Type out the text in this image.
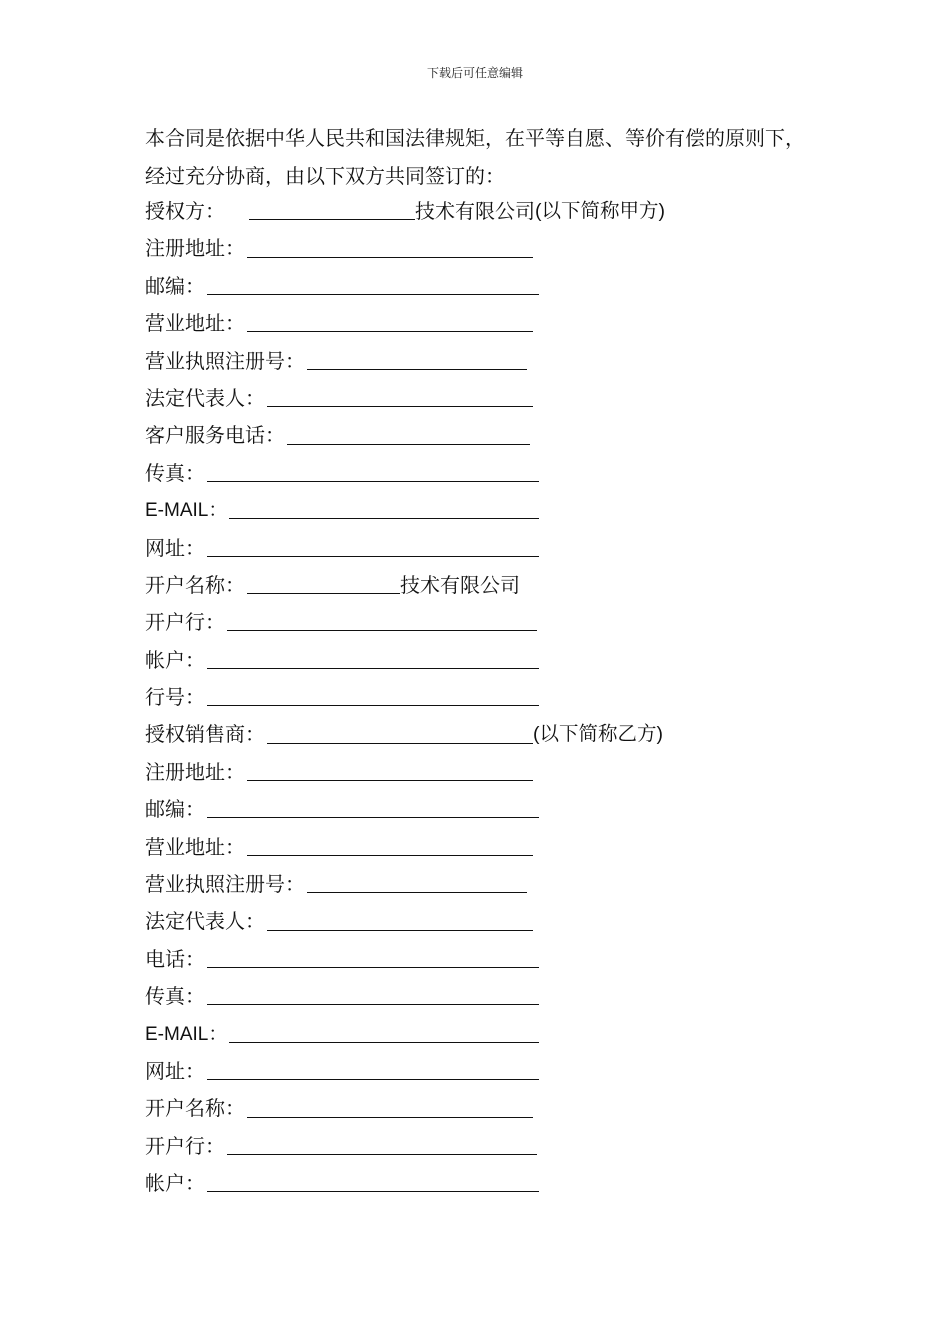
下载后可任意编辑
本合同是依据中华人民共和国法律规矩，在平等自愿、等价有偿的原则下，经过充分协商，由以下双方共同签订的：
授权方：	技术有限公司 (以下简称甲方)
注册地址：
邮编：
营业地址：
营业执照注册号：
法定代表人：
客户服务电话：
传真：
E-MAIL：
网址：
开户名称：	技术有限公司
开户行：
帐户：
行号：
授权销售商：	(以下简称乙方)
注册地址：
邮编：
营业地址：
营业执照注册号：
法定代表人：
电话：
传真：
E-MAIL：
网址：
开户名称：
开户行：
帐户：
